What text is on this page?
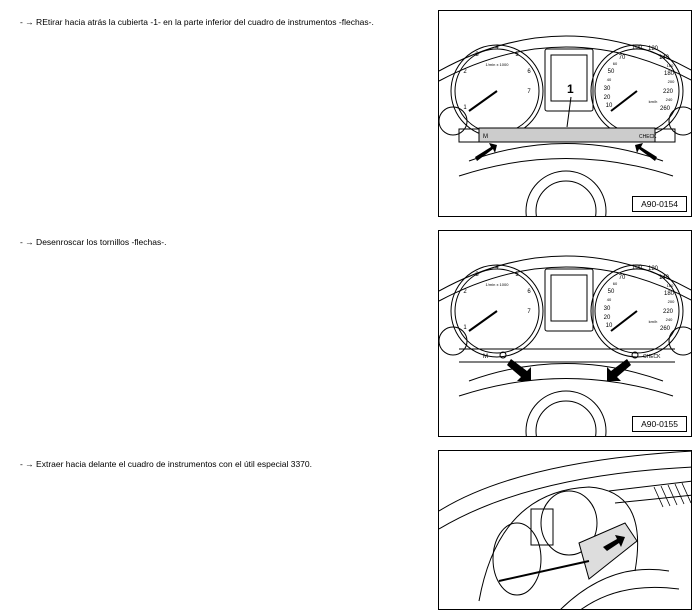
- → REtirar hacia atrás la cubierta -1- en la parte inferior del cuadro de instrumentos -flechas-.
- → Desenroscar los tornillos -flechas-.
- → Extraer hacia delante el cuadro de instrumentos con el útil especial 3370.
1
2
3
4
5
6
7
1/min x 1000
10
20
30
40
50
60
70
100 120
140
160
180
200
220
240
260
km/h
M	CHECK
1
A90-0154
1
2
3
4
5
6
7
1/min x 1000
10
20
30
40
50
60
70
100 120
140
160
180
200
220
240
260
km/h
M	CHECK
A90-0155
